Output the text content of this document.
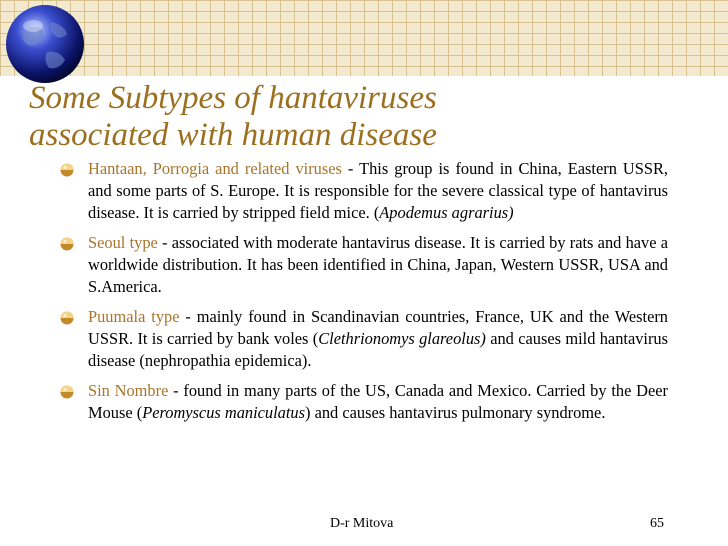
Some Subtypes of hantaviruses
associated with human disease
Hantaan, Porrogia and related viruses - This group is found in China, Eastern USSR, and some parts of S. Europe. It is responsible for the severe classical type of hantavirus disease. It is carried by stripped field mice. (Apodemus agrarius)
Seoul type - associated with moderate hantavirus disease. It is carried by rats and have a worldwide distribution. It has been identified in China, Japan, Western USSR, USA and S.America.
Puumala type - mainly found in Scandinavian countries, France, UK and the Western USSR. It is carried by bank voles (Clethrionomys glareolus) and causes mild hantavirus disease (nephropathia epidemica).
Sin Nombre - found in many parts of the US, Canada and Mexico. Carried by the Deer Mouse (Peromyscus maniculatus) and causes hantavirus pulmonary syndrome.
D-r Mitova	65
